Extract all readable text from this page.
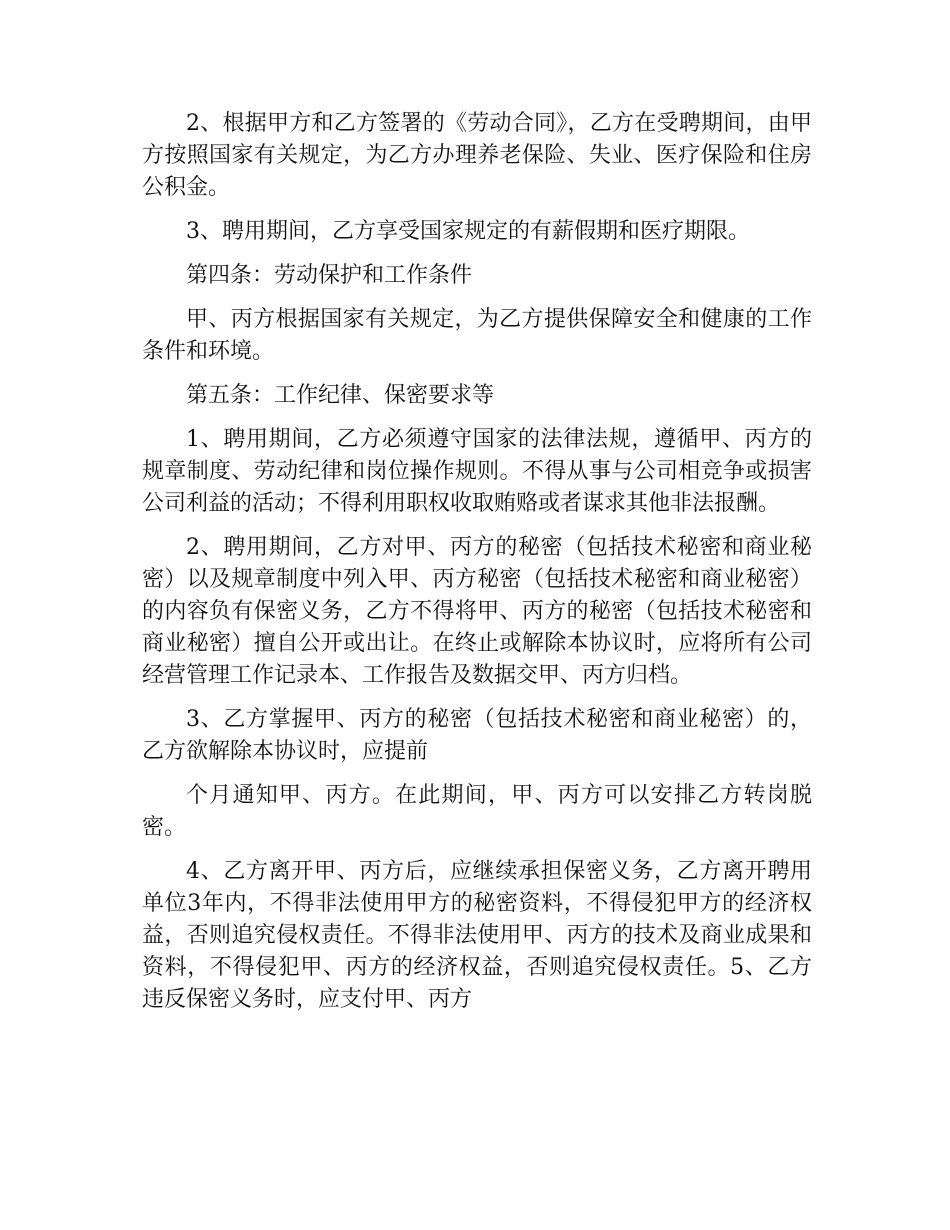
2、根据甲方和乙方签署的《劳动合同》，乙方在受聘期间，由甲方按照国家有关规定，为乙方办理养老保险、失业、医疗保险和住房公积金。

3、聘用期间，乙方享受国家规定的有薪假期和医疗期限。

第四条：劳动保护和工作条件

甲、丙方根据国家有关规定，为乙方提供保障安全和健康的工作条件和环境。

第五条：工作纪律、保密要求等

1、聘用期间，乙方必须遵守国家的法律法规，遵循甲、丙方的规章制度、劳动纪律和岗位操作规则。不得从事与公司相竞争或损害公司利益的活动；不得利用职权收取贿赂或者谋求其他非法报酬。

2、聘用期间，乙方对甲、丙方的秘密（包括技术秘密和商业秘密）以及规章制度中列入甲、丙方秘密（包括技术秘密和商业秘密）的内容负有保密义务，乙方不得将甲、丙方的秘密（包括技术秘密和商业秘密）擅自公开或出让。在终止或解除本协议时，应将所有公司经营管理工作记录本、工作报告及数据交甲、丙方归档。

3、乙方掌握甲、丙方的秘密（包括技术秘密和商业秘密）的，乙方欲解除本协议时，应提前

个月通知甲、丙方。在此期间，甲、丙方可以安排乙方转岗脱密。

4、乙方离开甲、丙方后，应继续承担保密义务，乙方离开聘用单位3年内，不得非法使用甲方的秘密资料，不得侵犯甲方的经济权益，否则追究侵权责任。不得非法使用甲、丙方的技术及商业成果和资料，不得侵犯甲、丙方的经济权益，否则追究侵权责任。5、乙方违反保密义务时，应支付甲、丙方
